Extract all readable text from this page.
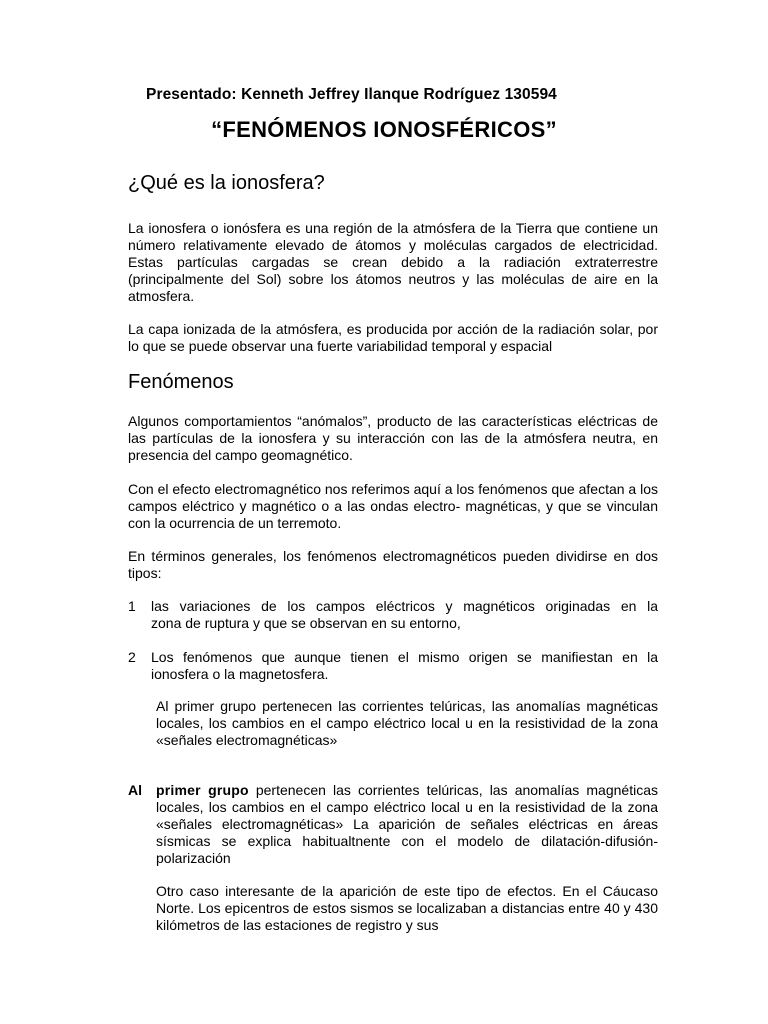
Presentado: Kenneth Jeffrey Ilanque Rodríguez 130594
“FENÓMENOS IONOSFÉRICOS”
¿Qué es la ionosfera?
La ionosfera o ionósfera es una región de la atmósfera de la Tierra que contiene un número relativamente elevado de átomos y moléculas cargados de electricidad. Estas partículas cargadas se crean debido a la radiación extraterrestre (principalmente del Sol) sobre los átomos neutros y las moléculas de aire en la atmosfera.
La capa ionizada de la atmósfera, es producida por acción de la radiación solar, por lo que se puede observar una fuerte variabilidad temporal y espacial
Fenómenos
Algunos comportamientos “anómalos”, producto de las características eléctricas de las partículas de la ionosfera y su interacción con las de la atmósfera neutra, en presencia del campo geomagnético.
Con el efecto electromagnético nos referimos aquí a los fenómenos que afectan a los campos eléctrico y magnético o a las ondas electro- magnéticas, y que se vinculan con la ocurrencia de un terremoto.
En términos generales, los fenómenos electromagnéticos pueden dividirse en dos tipos:
1 las variaciones de los campos eléctricos y magnéticos originadas en la
zona de ruptura y que se observan en su entorno,
2 Los fenómenos que aunque tienen el mismo origen se manifiestan en la
ionosfera o la magnetosfera.
Al primer grupo pertenecen las corrientes telúricas, las anomalías magnéticas locales, los cambios en el campo eléctrico local u en la resistividad de la zona «señales electromagnéticas»
Al primer grupo pertenecen las corrientes telúricas, las anomalías magnéticas locales, los cambios en el campo eléctrico local u en la resistividad de la zona «señales electromagnéticas» La aparición de señales eléctricas en áreas sísmicas se explica habitualtnente con el modelo de dilatación-difusión-polarización
Otro caso interesante de la aparición de este tipo de efectos. En el Cáucaso Norte. Los epicentros de estos sismos se localizaban a distancias entre 40 y 430 kilómetros de las estaciones de registro y sus
